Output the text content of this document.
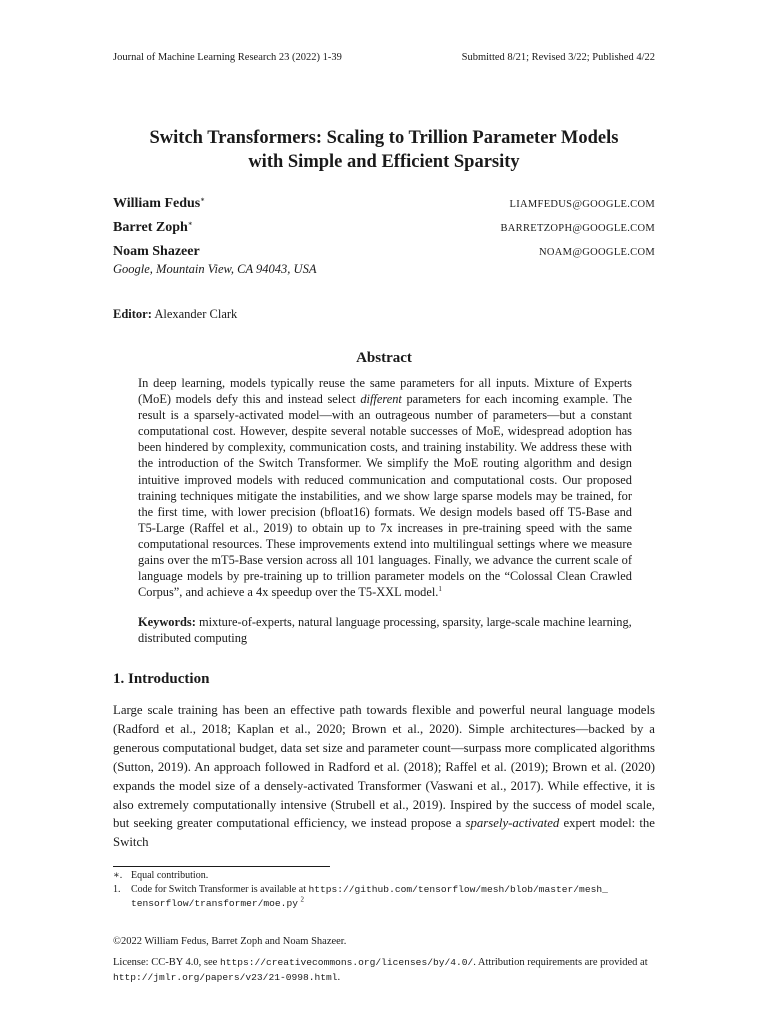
Journal of Machine Learning Research 23 (2022) 1-39	Submitted 8/21; Revised 3/22; Published 4/22
Switch Transformers: Scaling to Trillion Parameter Models
with Simple and Efficient Sparsity
William Fedus∗	LIAMFEDUS@GOOGLE.COM
Barret Zoph∗	BARRETZOPH@GOOGLE.COM
Noam Shazeer	NOAM@GOOGLE.COM
Google, Mountain View, CA 94043, USA
Editor: Alexander Clark
Abstract
In deep learning, models typically reuse the same parameters for all inputs. Mixture of Experts (MoE) models defy this and instead select different parameters for each incoming example. The result is a sparsely-activated model—with an outrageous number of parameters—but a constant computational cost. However, despite several notable successes of MoE, widespread adoption has been hindered by complexity, communication costs, and training instability. We address these with the introduction of the Switch Transformer. We simplify the MoE routing algorithm and design intuitive improved models with reduced communication and computational costs. Our proposed training techniques mitigate the instabilities, and we show large sparse models may be trained, for the first time, with lower precision (bfloat16) formats. We design models based off T5-Base and T5-Large (Raffel et al., 2019) to obtain up to 7x increases in pre-training speed with the same computational resources. These improvements extend into multilingual settings where we measure gains over the mT5-Base version across all 101 languages. Finally, we advance the current scale of language models by pre-training up to trillion parameter models on the “Colossal Clean Crawled Corpus”, and achieve a 4x speedup over the T5-XXL model.$^1$
Keywords: mixture-of-experts, natural language processing, sparsity, large-scale machine learning, distributed computing
1. Introduction
Large scale training has been an effective path towards flexible and powerful neural language models (Radford et al., 2018; Kaplan et al., 2020; Brown et al., 2020). Simple architectures—backed by a generous computational budget, data set size and parameter count—surpass more complicated algorithms (Sutton, 2019). An approach followed in Radford et al. (2018); Raffel et al. (2019); Brown et al. (2020) expands the model size of a densely-activated Transformer (Vaswani et al., 2017). While effective, it is also extremely computationally intensive (Strubell et al., 2019). Inspired by the success of model scale, but seeking greater computational efficiency, we instead propose a sparsely-activated expert model: the Switch
∗. Equal contribution.
1. Code for Switch Transformer is available at https://github.com/tensorflow/mesh/blob/master/mesh_
tensorflow/transformer/moe.py $^2$
©2022 William Fedus, Barret Zoph and Noam Shazeer.
License: CC-BY 4.0, see https://creativecommons.org/licenses/by/4.0/. Attribution requirements are provided at http://jmlr.org/papers/v23/21-0998.html.
